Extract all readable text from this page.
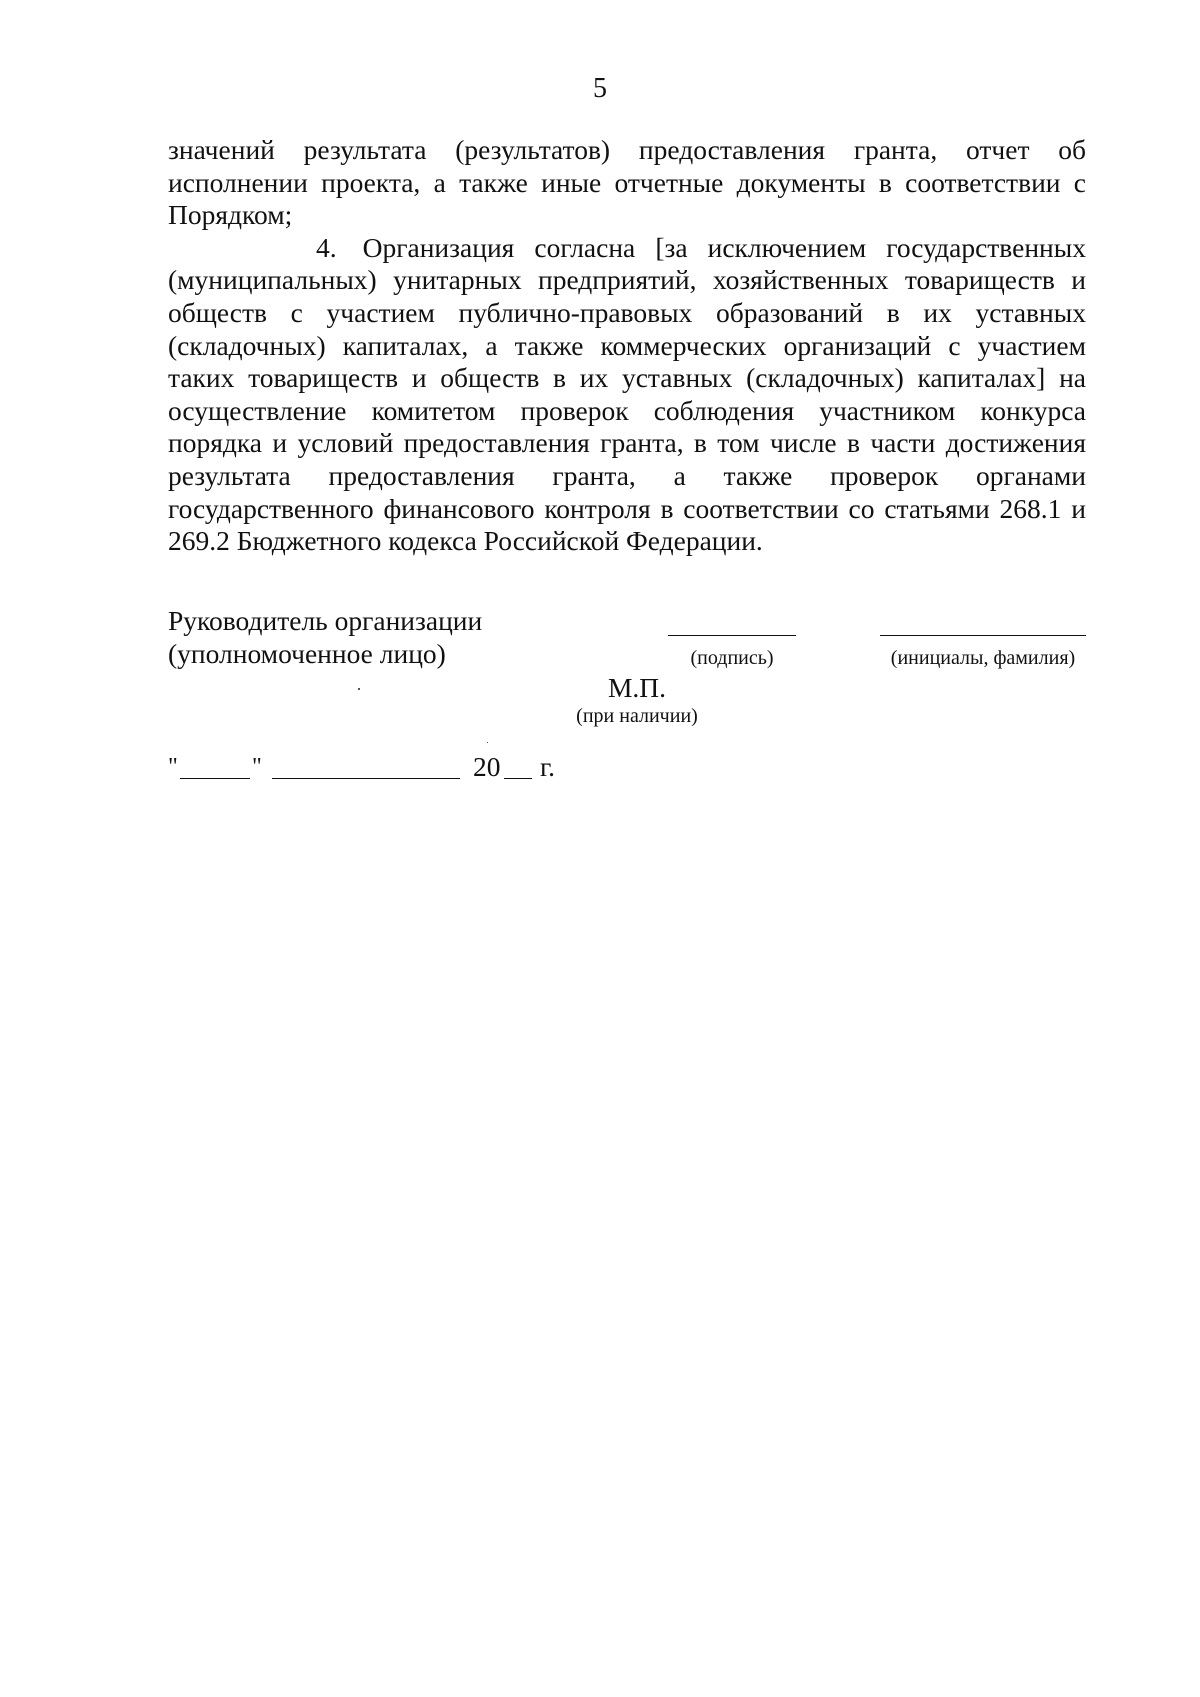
5

значений результата (результатов) предоставления гранта, отчет об исполнении проекта, а также иные отчетные документы в соответствии с Порядком;

4. Организация согласна [за исключением государственных (муниципальных) унитарных предприятий, хозяйственных товариществ и обществ с участием публично-правовых образований в их уставных (складочных) капиталах, а также коммерческих организаций с участием таких товариществ и обществ в их уставных (складочных) капиталах] на осуществление комитетом проверок соблюдения участником конкурса порядка и условий предоставления гранта, в том числе в части достижения результата предоставления гранта, а также проверок органами государственного финансового контроля в соответствии со статьями 268.1 и 269.2 Бюджетного кодекса Российской Федерации.

Руководитель организации
(уполномоченное лицо)	(подпись)	(инициалы, фамилия)
М.П.
(при наличии)
"	"	20 г.
